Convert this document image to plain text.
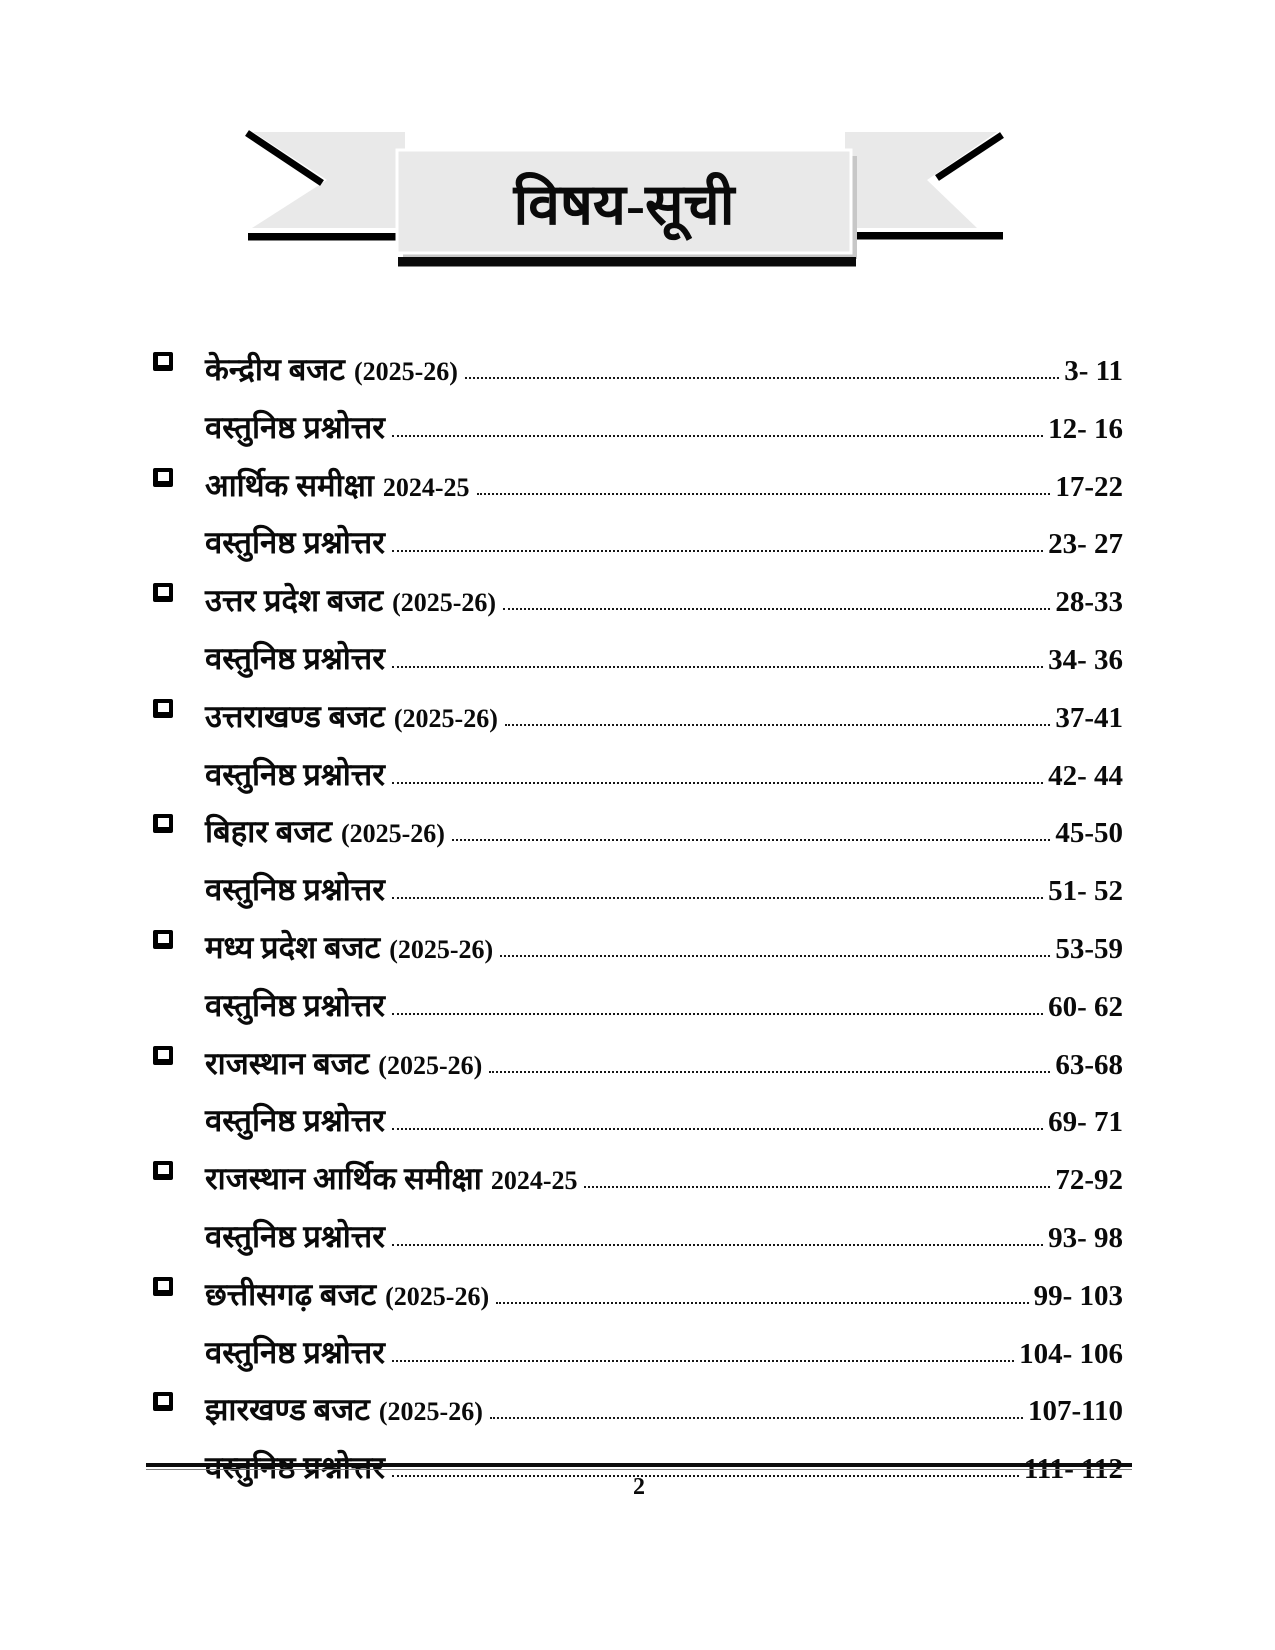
विषय-सूची
केन्द्रीय बजट (2025-26)	3- 11
वस्तुनिष्ठ प्रश्नोत्तर	12- 16
आर्थिक समीक्षा 2024-25	17-22
वस्तुनिष्ठ प्रश्नोत्तर	23- 27
उत्तर प्रदेश बजट (2025-26)	28-33
वस्तुनिष्ठ प्रश्नोत्तर	34- 36
उत्तराखण्ड बजट (2025-26)	37-41
वस्तुनिष्ठ प्रश्नोत्तर	42- 44
बिहार बजट (2025-26)	45-50
वस्तुनिष्ठ प्रश्नोत्तर	51- 52
मध्य प्रदेश बजट (2025-26)	53-59
वस्तुनिष्ठ प्रश्नोत्तर	60- 62
राजस्थान बजट (2025-26)	63-68
वस्तुनिष्ठ प्रश्नोत्तर	69- 71
राजस्थान आर्थिक समीक्षा 2024-25	72-92
वस्तुनिष्ठ प्रश्नोत्तर	93- 98
छत्तीसगढ़ बजट (2025-26)	99- 103
वस्तुनिष्ठ प्रश्नोत्तर	104- 106
झारखण्ड बजट (2025-26)	107-110
वस्तुनिष्ठ प्रश्नोत्तर	111- 112
2
